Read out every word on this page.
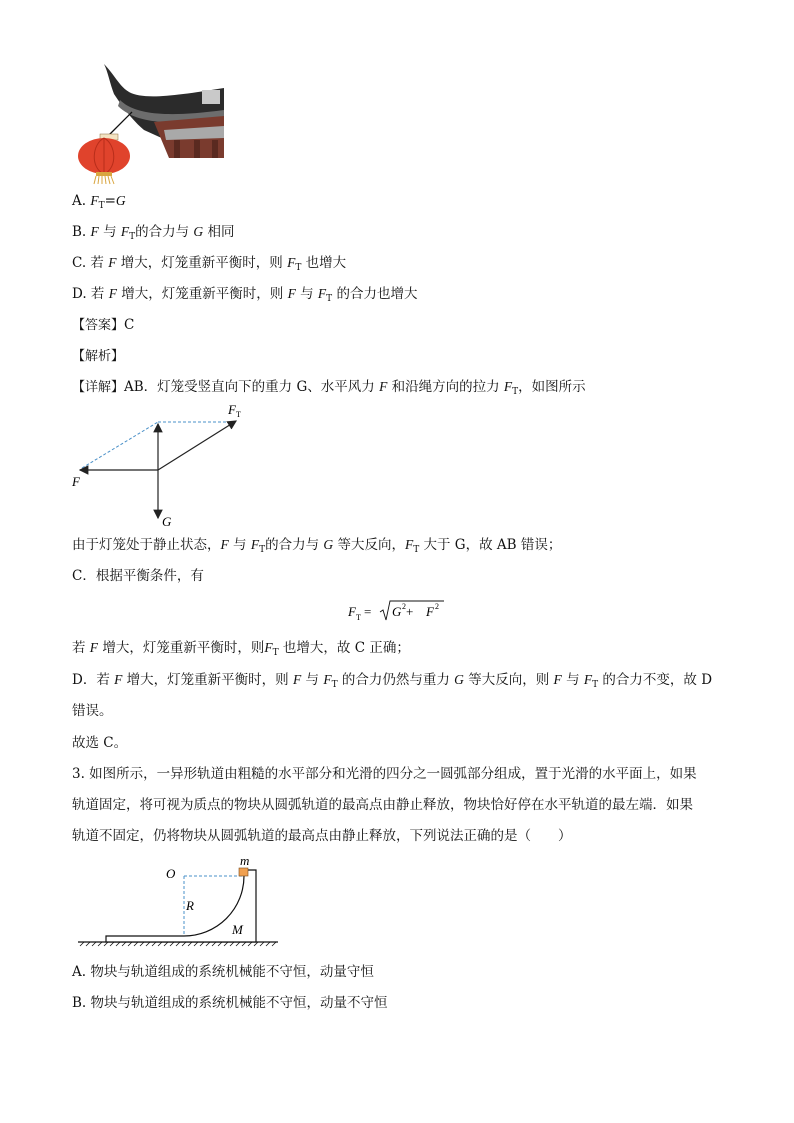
A. $F_T=G$
B. F 与 $F_T$的合力与 G 相同
C. 若 F 增大，灯笼重新平衡时，则 $F_T$ 也增大
D. 若 F 增大，灯笼重新平衡时，则 F 与 $F_T$ 的合力也增大
【答案】C
【解析】
【详解】AB．灯笼受竖直向下的重力 G、水平风力 F 和沿绳方向的拉力 $F_T$，如图所示
$F_T$
F
G
由于灯笼处于静止状态，F 与 $F_T$的合力与 G 等大反向，$F_T$ 大于 G，故 AB 错误；
C．根据平衡条件，有
F T = G 2 + F 2
若 F 增大，灯笼重新平衡时，则$F_T$ 也增大，故 C 正确；
D．若 F 增大，灯笼重新平衡时，则 F 与 $F_T$ 的合力仍然与重力 G 等大反向，则 F 与 $F_T$ 的合力不变，故 D
错误。
故选 C。
3. 如图所示，一异形轨道由粗糙的水平部分和光滑的四分之一圆弧部分组成，置于光滑的水平面上，如果
轨道固定，将可视为质点的物块从圆弧轨道的最高点由静止释放，物块恰好停在水平轨道的最左端．如果
轨道不固定，仍将物块从圆弧轨道的最高点由静止释放，下列说法正确的是（　　）
O
m
R
M
A. 物块与轨道组成的系统机械能不守恒，动量守恒
B. 物块与轨道组成的系统机械能不守恒，动量不守恒
